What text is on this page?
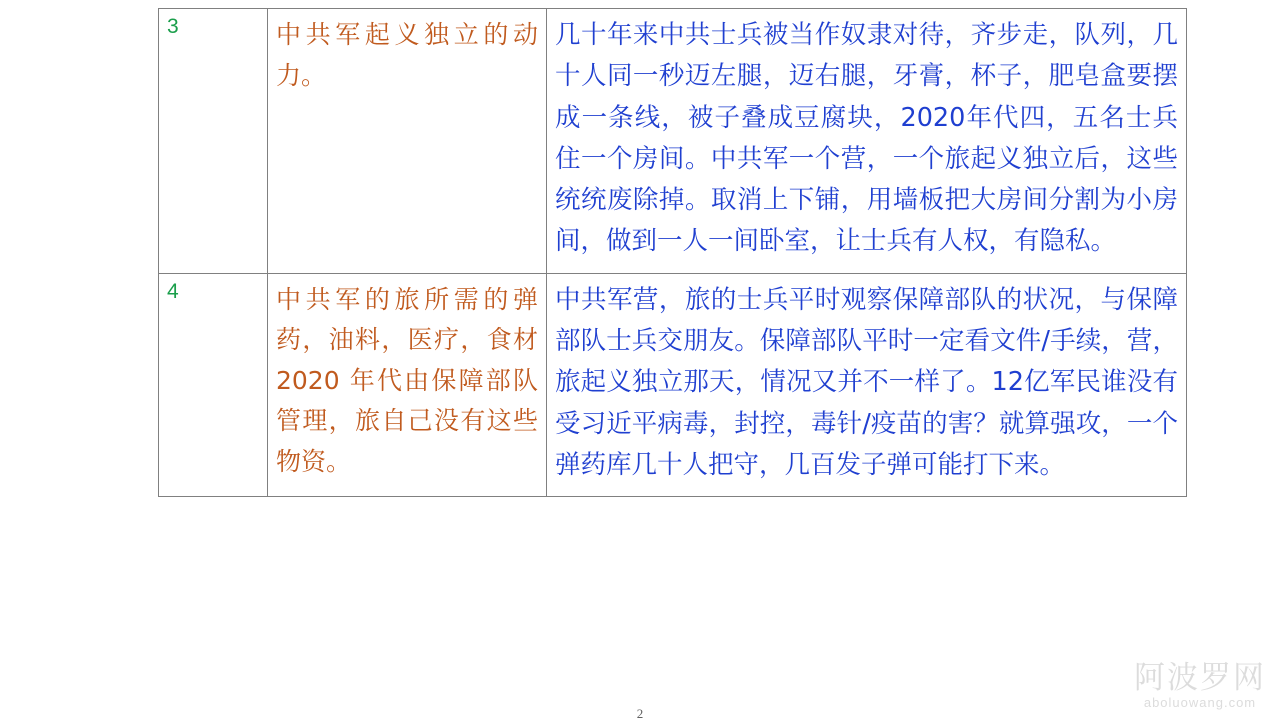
3	中共军起义独立的动力。	几十年来中共士兵被当作奴隶对待，齐步走，队列，几十人同一秒迈左腿，迈右腿，牙膏，杯子，肥皂盒要摆成一条线，被子叠成豆腐块，2020年代四，五名士兵住一个房间。中共军一个营，一个旅起义独立后，这些统统废除掉。取消上下铺，用墙板把大房间分割为小房间，做到一人一间卧室，让士兵有人权，有隐私。
4	中共军的旅所需的弹药，油料，医疗，食材2020 年代由保障部队管理，旅自己没有这些物资。	中共军营，旅的士兵平时观察保障部队的状况，与保障部队士兵交朋友。保障部队平时一定看文件/手续，营，旅起义独立那天，情况又并不一样了。12亿军民谁没有受习近平病毒，封控，毒针/疫苗的害？就算强攻，一个弹药库几十人把守，几百发子弹可能打下来。
2
阿波罗网
aboluowang.com
